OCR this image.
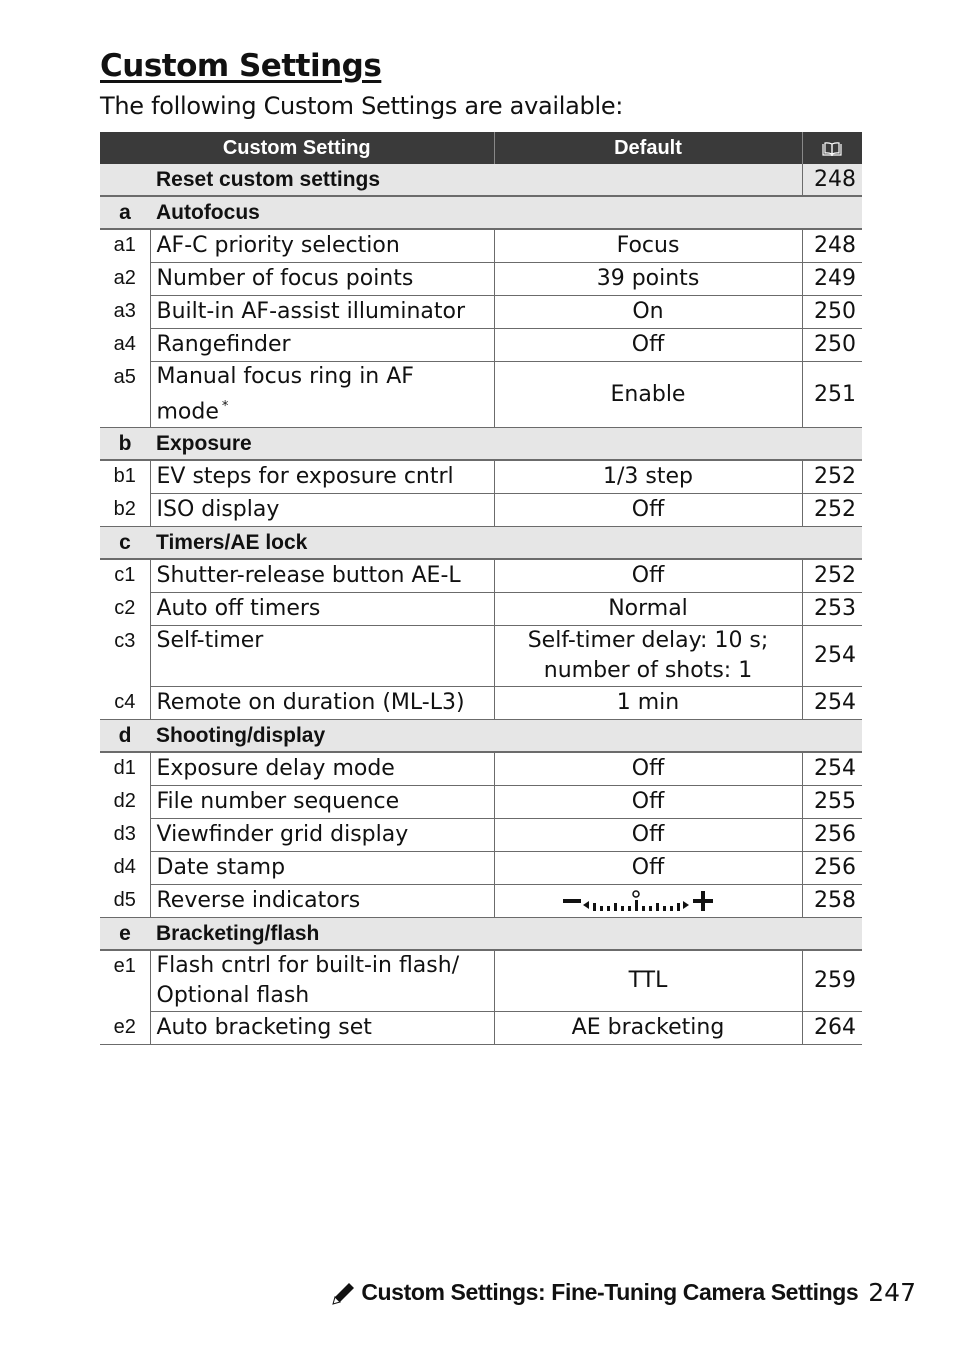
Custom Settings
The following Custom Settings are available:
Custom Setting		Default	
	Reset custom settings		248
a	Autofocus		
a1	AF-C priority selection	Focus	248
a2	Number of focus points	39 points	249
a3	Built-in AF-assist illuminator	On	250
a4	Rangefinder	Off	250
a5	Manual focus ring in AF mode *	Enable	251
b	Exposure		
b1	EV steps for exposure cntrl	1/3 step	252
b2	ISO display	Off	252
c	Timers/AE lock		
c1	Shutter-release button AE-L	Off	252
c2	Auto off timers	Normal	253
c3	Self-timer	Self-timer delay: 10 s;
number of shots: 1	254
c4	Remote on duration (ML-L3)	1 min	254
d	Shooting/display		
d1	Exposure delay mode	Off	254
d2	File number sequence	Off	255
d3	Viewfinder grid display	Off	256
d4	Date stamp	Off	256
d5	Reverse indicators		258
e	Bracketing/flash		
e1	Flash cntrl for built-in flash/
Optional flash	TTL	259
e2	Auto bracketing set	AE bracketing	264
Custom Settings: Fine-Tuning Camera Settings 247
